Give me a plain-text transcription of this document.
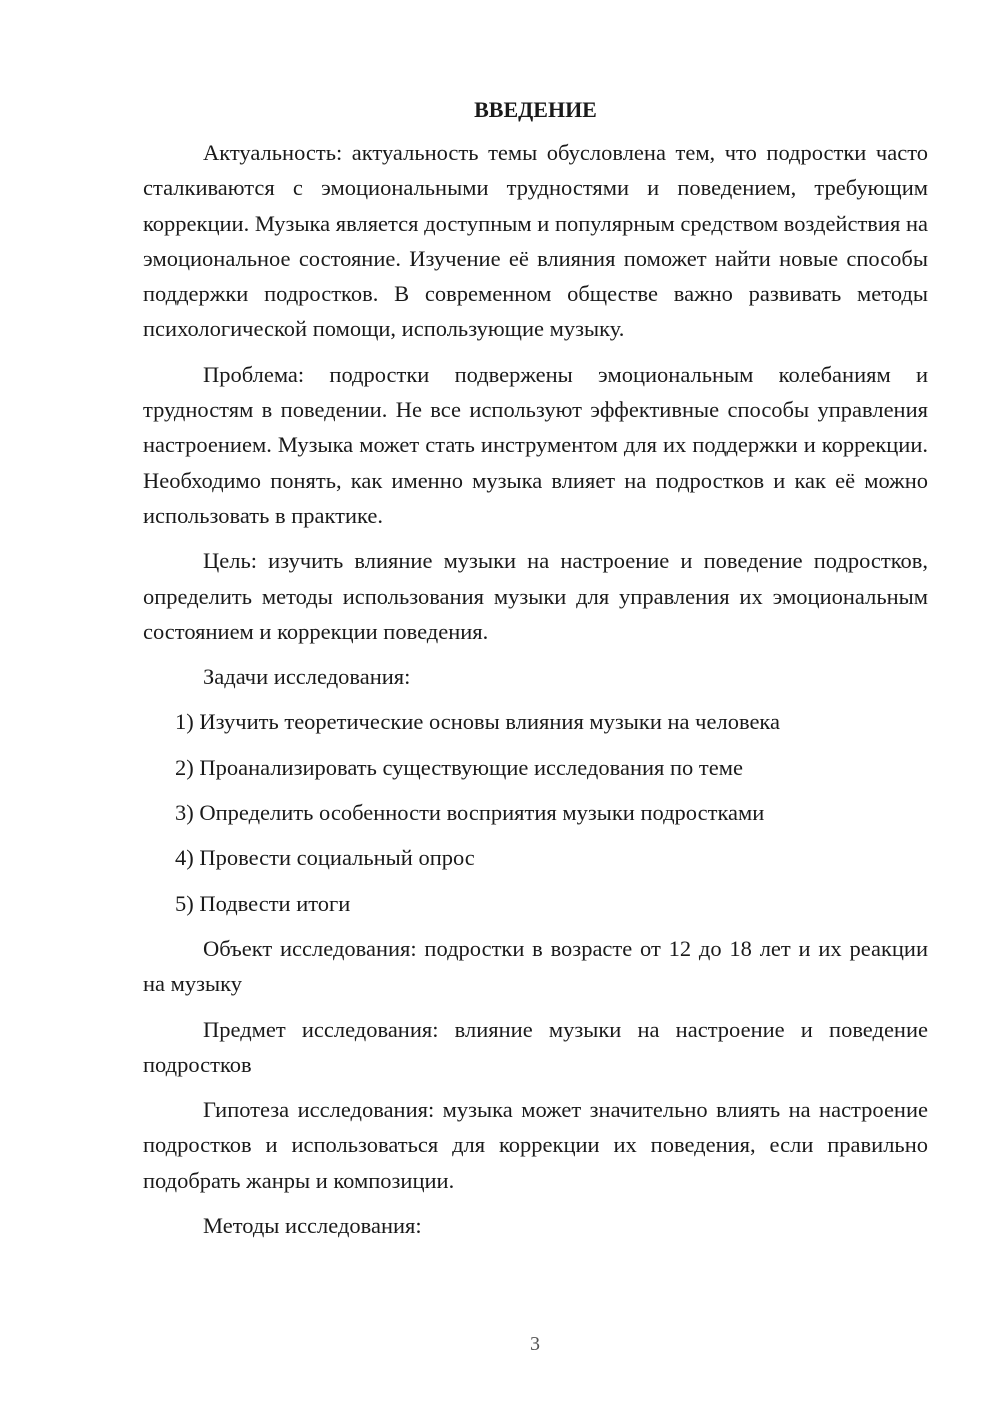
ВВЕДЕНИЕ

Актуальность: актуальность темы обусловлена тем, что подростки часто сталкиваются с эмоциональными трудностями и поведением, требующим коррекции. Музыка является доступным и популярным средством воздействия на эмоциональное состояние. Изучение её влияния поможет найти новые способы поддержки подростков. В современном обществе важно развивать методы психологической помощи, использующие музыку.

Проблема: подростки подвержены эмоциональным колебаниям и трудностям в поведении. Не все используют эффективные способы управления настроением. Музыка может стать инструментом для их поддержки и коррекции. Необходимо понять, как именно музыка влияет на подростков и как её можно использовать в практике.

Цель: изучить влияние музыки на настроение и поведение подростков, определить методы использования музыки для управления их эмоциональным состоянием и коррекции поведения.

Задачи исследования:

1) Изучить теоретические основы влияния музыки на человека
2) Проанализировать существующие исследования по теме
3) Определить особенности восприятия музыки подростками
4) Провести социальный опрос
5) Подвести итоги

Объект исследования: подростки в возрасте от 12 до 18 лет и их реакции на музыку

Предмет исследования: влияние музыки на настроение и поведение подростков

Гипотеза исследования: музыка может значительно влиять на настроение подростков и использоваться для коррекции их поведения, если правильно подобрать жанры и композиции.

Методы исследования:

3
